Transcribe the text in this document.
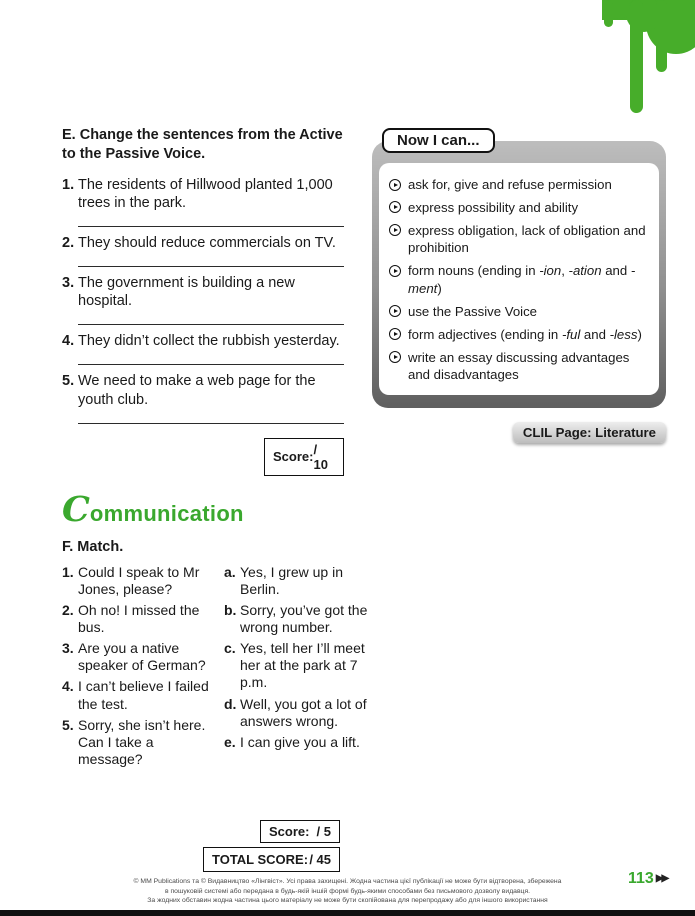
E. Change the sentences from the Active to the Passive Voice.
1. The residents of Hillwood planted 1,000 trees in the park.
2. They should reduce commercials on TV.
3. The government is building a new hospital.
4. They didn’t collect the rubbish yesterday.
5. We need to make a web page for the youth club.
Score: / 10
Now I can...
ask for, give and refuse permission
express possibility and ability
express obligation, lack of obligation and prohibition
form nouns (ending in -ion, -ation and -ment)
use the Passive Voice
form adjectives (ending in -ful and -less)
write an essay discussing advantages and disadvantages
CLIL Page: Literature
C ommunication
F. Match.
1. Could I speak to Mr Jones, please?
2. Oh no! I missed the bus.
3. Are you a native speaker of German?
4. I can’t believe I failed the test.
5. Sorry, she isn’t here. Can I take a message?
a. Yes, I grew up in Berlin.
b. Sorry, you’ve got the wrong number.
c. Yes, tell her I’ll meet her at the park at 7 p.m.
d. Well, you got a lot of answers wrong.
e. I can give you a lift.
Score: / 5
TOTAL SCORE: / 45
113 ▶▶
© MM Publications та © Видавництво «Лінгвіст». Усі права захищені. Жодна частина цієї публікації не може бути відтворена, збережена
в пошуковій системі або передана в будь-якій іншій формі будь-якими способами без письмового дозволу видавця.
За жодних обставин жодна частина цього матеріалу не може бути скопійована для перепродажу або для іншого використання
